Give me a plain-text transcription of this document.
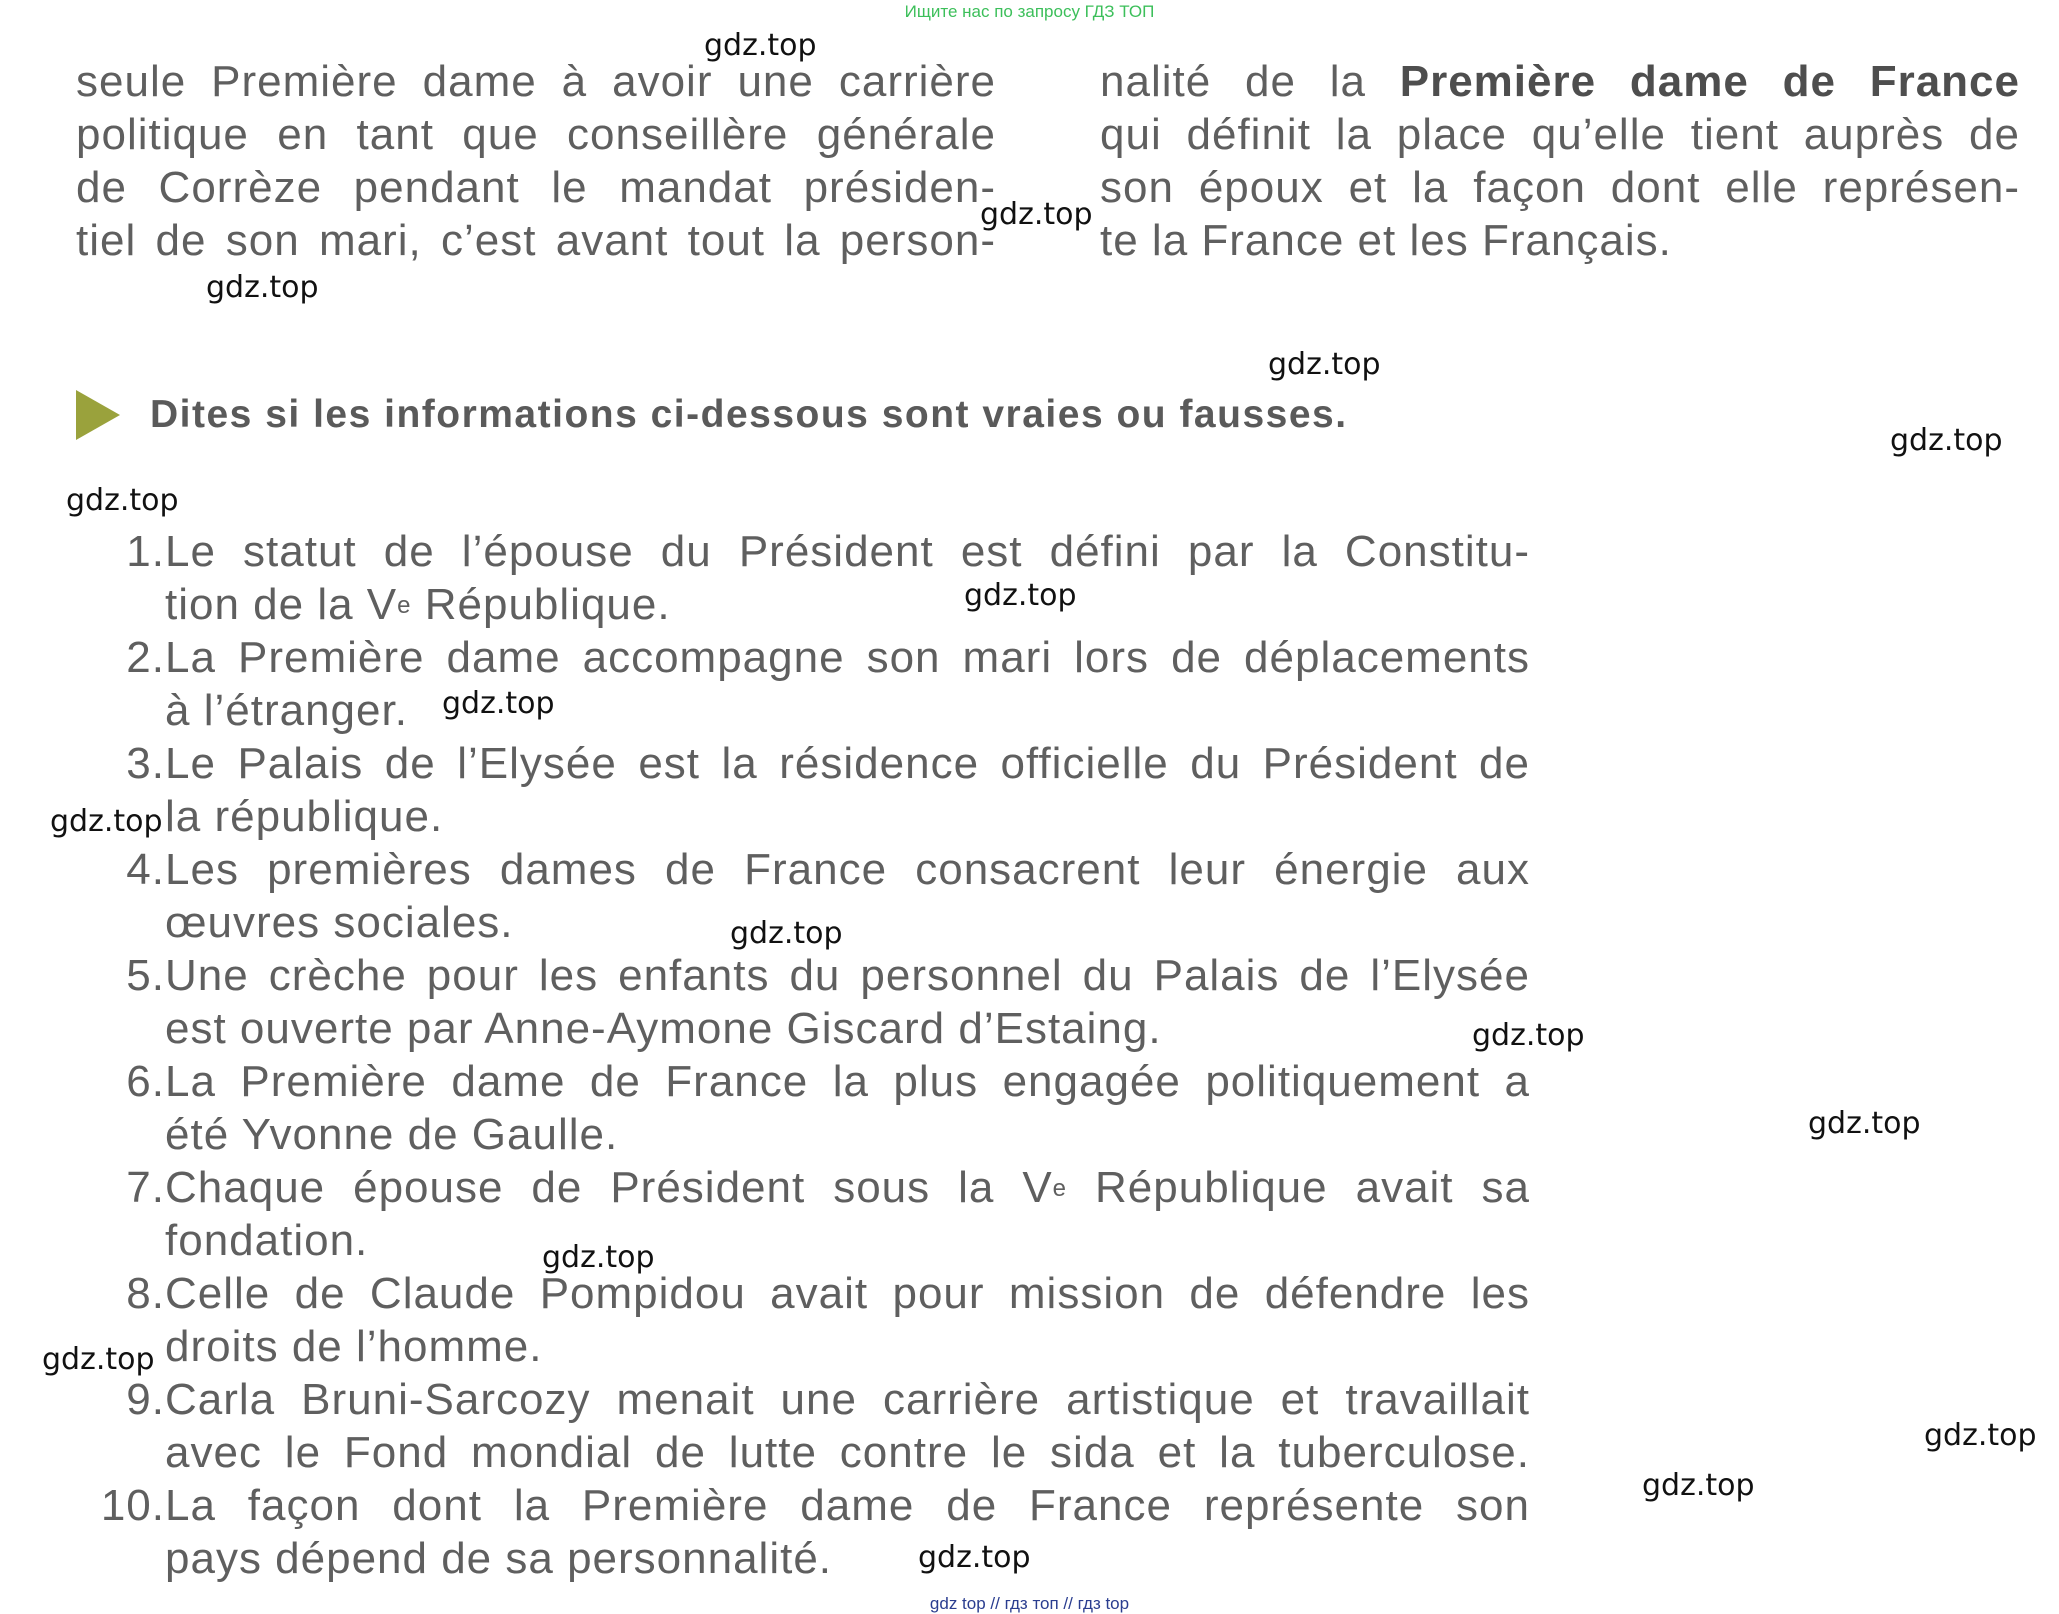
Ищите нас по запросу ГДЗ ТОП
seule Première dame à avoir une carrière
politique en tant que conseillère générale
de Corrèze pendant le mandat présiden-
tiel de son mari, c’est avant tout la person-
nalité de la Première dame de France
qui définit la place qu’elle tient auprès de
son époux et la façon dont elle représen-
te la France et les Français.
Dites si les informations ci-dessous sont vraies ou fausses.
1. Le statut de l’épouse du Président est défini par la Constitu-
tion de la Ve République.
2. La Première dame accompagne son mari lors de déplacements
à l’étranger.
3. Le Palais de l’Elysée est la résidence officielle du Président de
la république.
4. Les premières dames de France consacrent leur énergie aux
œuvres sociales.
5. Une crèche pour les enfants du personnel du Palais de l’Elysée
est ouverte par Anne-Aymone Giscard d’Estaing.
6. La Première dame de France la plus engagée politiquement a
été Yvonne de Gaulle.
7. Chaque épouse de Président sous la Ve République avait sa
fondation.
8. Celle de Claude Pompidou avait pour mission de défendre les
droits de l’homme.
9. Carla Bruni-Sarcozy menait une carrière artistique et travaillait
avec le Fond mondial de lutte contre le sida et la tuberculose.
10. La façon dont la Première dame de France représente son
pays dépend de sa personnalité.
gdz.top
gdz.top
gdz.top
gdz.top
gdz.top
gdz.top
gdz.top
gdz.top
gdz.top
gdz.top
gdz.top
gdz.top
gdz.top
gdz.top
gdz.top
gdz.top
gdz.top
gdz top // гдз топ // гдз top
